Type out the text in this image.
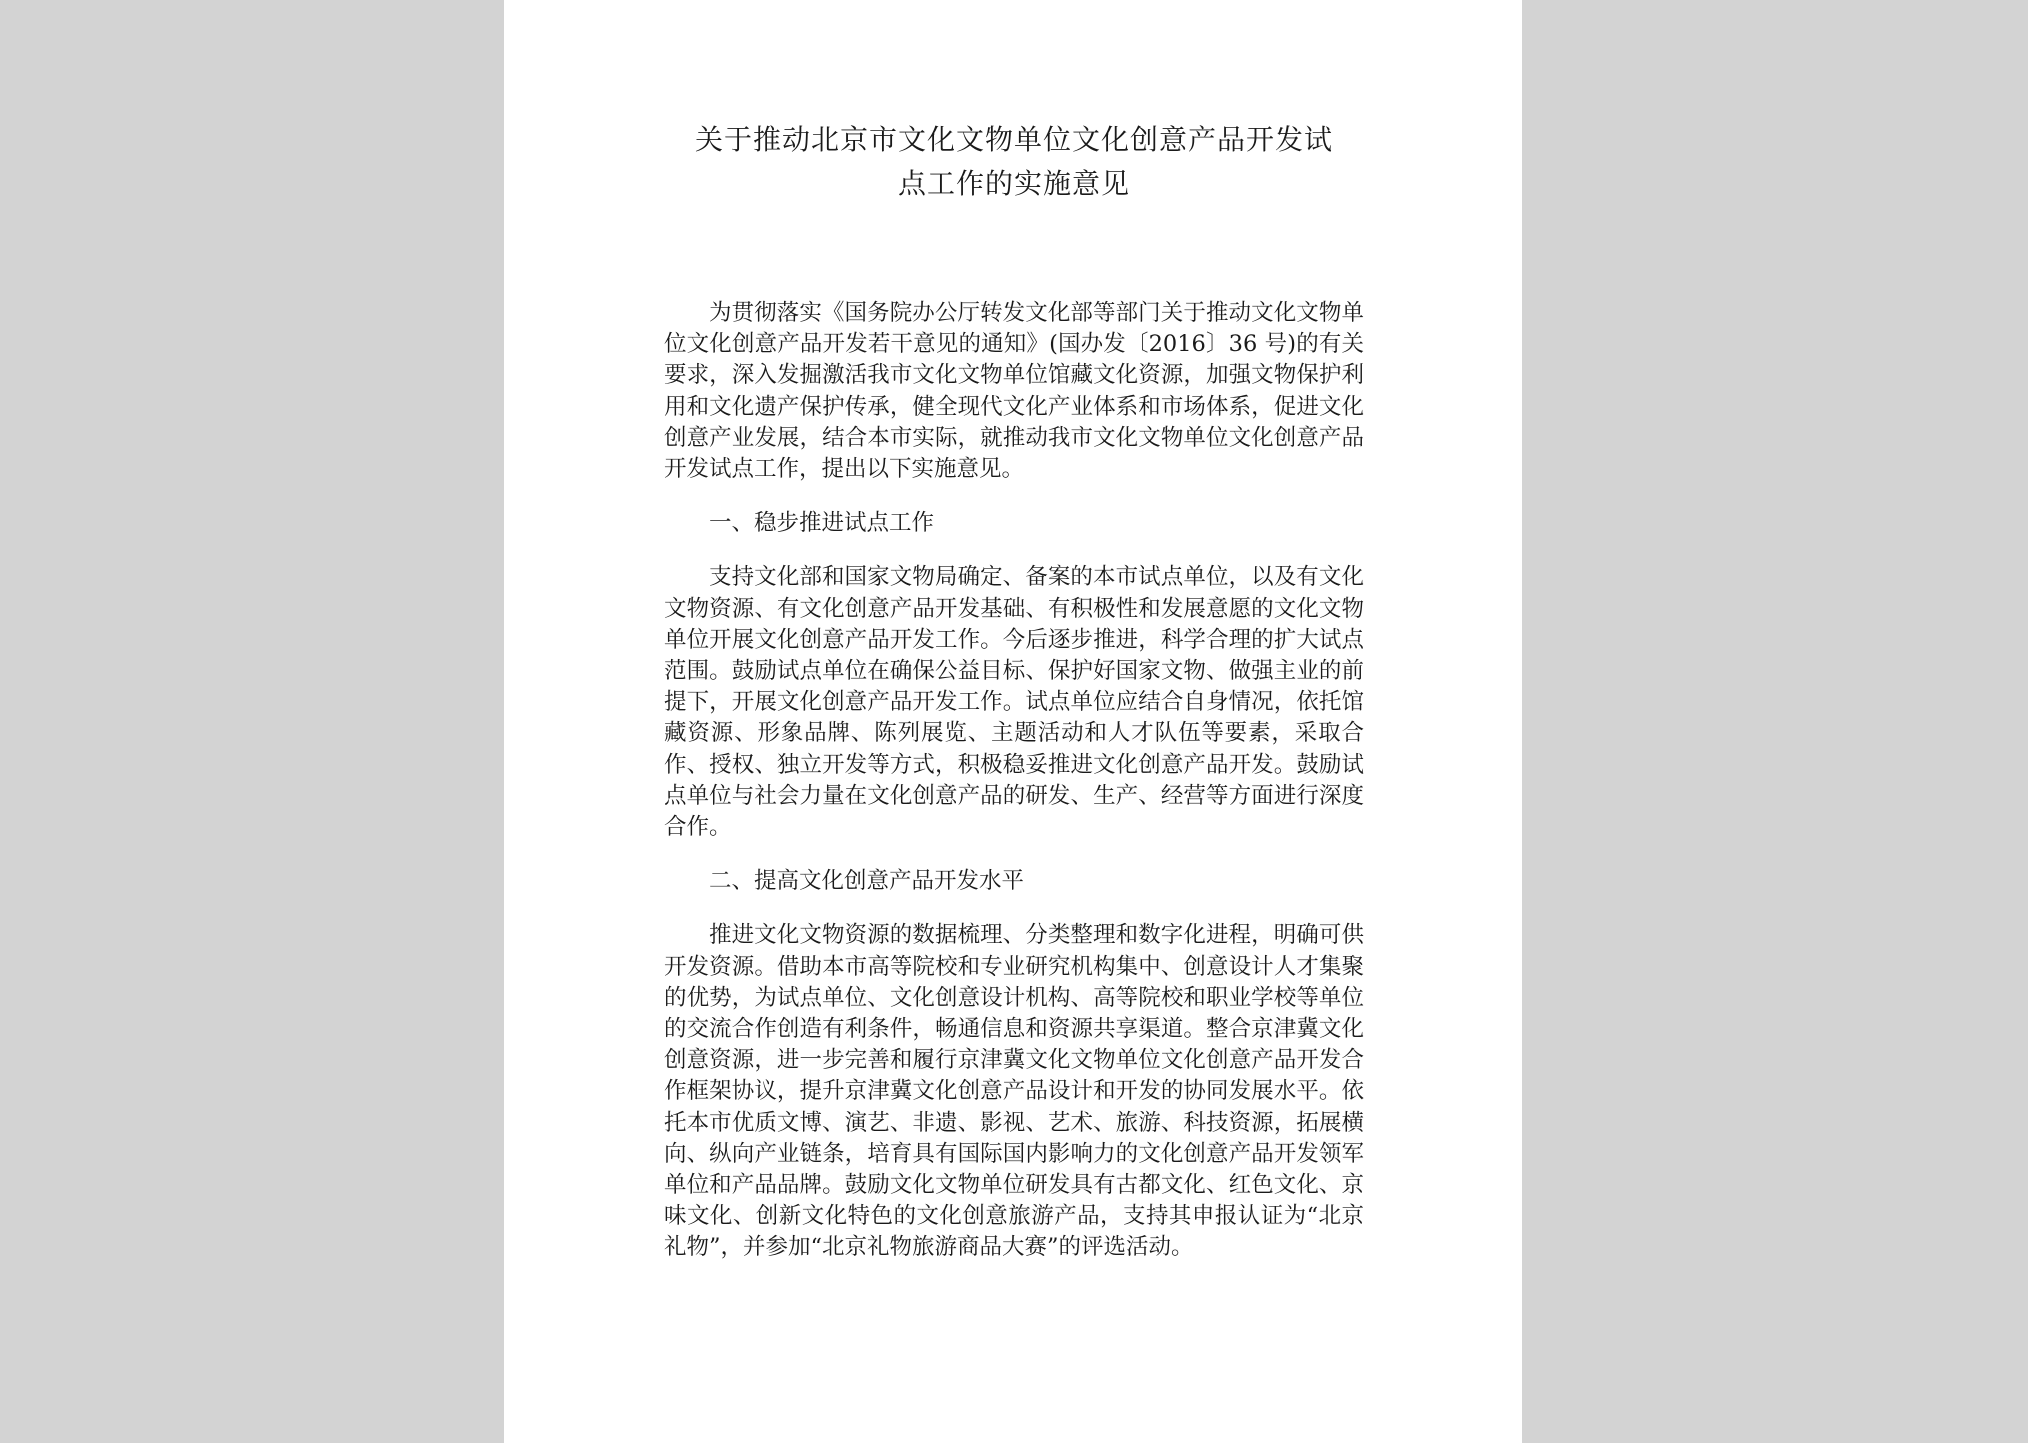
关于推动北京市文化文物单位文化创意产品开发试
点工作的实施意见

为贯彻落实《国务院办公厅转发文化部等部门关于推动文化文物单位文化创意产品开发若干意见的通知》(国办发〔2016〕36 号)的有关要求，深入发掘激活我市文化文物单位馆藏文化资源，加强文物保护利用和文化遗产保护传承，健全现代文化产业体系和市场体系，促进文化创意产业发展，结合本市实际，就推动我市文化文物单位文化创意产品开发试点工作，提出以下实施意见。

一、稳步推进试点工作

支持文化部和国家文物局确定、备案的本市试点单位，以及有文化文物资源、有文化创意产品开发基础、有积极性和发展意愿的文化文物单位开展文化创意产品开发工作。今后逐步推进，科学合理的扩大试点范围。鼓励试点单位在确保公益目标、保护好国家文物、做强主业的前提下，开展文化创意产品开发工作。试点单位应结合自身情况，依托馆藏资源、形象品牌、陈列展览、主题活动和人才队伍等要素，采取合作、授权、独立开发等方式，积极稳妥推进文化创意产品开发。鼓励试点单位与社会力量在文化创意产品的研发、生产、经营等方面进行深度合作。

二、提高文化创意产品开发水平

推进文化文物资源的数据梳理、分类整理和数字化进程，明确可供开发资源。借助本市高等院校和专业研究机构集中、创意设计人才集聚的优势，为试点单位、文化创意设计机构、高等院校和职业学校等单位的交流合作创造有利条件，畅通信息和资源共享渠道。整合京津冀文化创意资源，进一步完善和履行京津冀文化文物单位文化创意产品开发合作框架协议，提升京津冀文化创意产品设计和开发的协同发展水平。依托本市优质文博、演艺、非遗、影视、艺术、旅游、科技资源，拓展横向、纵向产业链条，培育具有国际国内影响力的文化创意产品开发领军单位和产品品牌。鼓励文化文物单位研发具有古都文化、红色文化、京味文化、创新文化特色的文化创意旅游产品，支持其申报认证为“北京礼物”，并参加“北京礼物旅游商品大赛”的评选活动。
